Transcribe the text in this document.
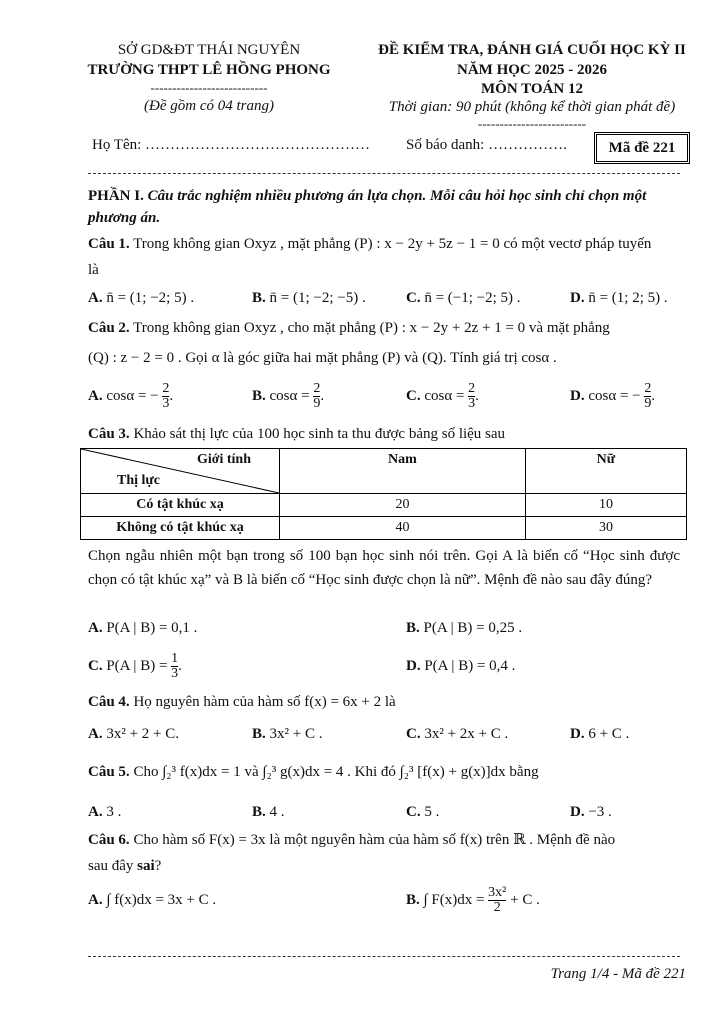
SỞ GD&ĐT THÁI NGUYÊN
TRƯỜNG THPT LÊ HỒNG PHONG
---------------------------
(Đề gồm có 04 trang)
ĐỀ KIỂM TRA, ĐÁNH GIÁ CUỐI HỌC KỲ II
NĂM HỌC 2025 - 2026
MÔN TOÁN 12
Thời gian: 90 phút (không kể thời gian phát đề)
-------------------------
Họ Tên: ……………………………………… Số báo danh: …………….	Mã đề 221
PHẦN I. Câu trắc nghiệm nhiều phương án lựa chọn. Mỗi câu hỏi học sinh chỉ chọn một
phương án.
Câu 1. Trong không gian Oxyz , mặt phẳng (P) : x − 2y + 5z − 1 = 0 có một vectơ pháp tuyến
là
A. n̄ = (1; −2; 5) .	B. n̄ = (1; −2; −5) .	C. n̄ = (−1; −2; 5) .	D. n̄ = (1; 2; 5) .
Câu 2. Trong không gian Oxyz , cho mặt phẳng (P) : x − 2y + 2z + 1 = 0 và mặt phẳng
(Q) : z − 2 = 0 . Gọi α là góc giữa hai mặt phẳng (P) và (Q). Tính giá trị cosα .
A. cosα = − $\frac{2}{3}$ .	B. $\cos\alpha = \frac{2}{9}$ .	C. $\cos\alpha = \frac{2}{3}$ .	D. cosα = − $\frac{2}{9}$ .
Câu 3. Khảo sát thị lực của 100 học sinh ta thu được bảng số liệu sau
Giới tính
Thị lực	Nam	Nữ
Có tật khúc xạ	20	10
Không có tật khúc xạ	40	30
Chọn ngẫu nhiên một bạn trong số 100 bạn học sinh nói trên. Gọi A là biến cố “Học sinh được chọn có tật khúc xạ” và B là biến cố “Học sinh được chọn là nữ”. Mệnh đề nào sau đây đúng?
A. P(A | B) = 0,1 .	B. P(A | B) = 0,25 .
C. P(A | $B) = \frac{1}{3}$ .	D. P(A | B) = 0,4 .
Câu 4. Họ nguyên hàm của hàm số f(x) = 6x + 2 là
A. 3x² + 2 + C.	B. 3x² + C .	C. 3x² + 2x + C .	D. 6 + C .
Câu 5. Cho ∫₂³ f(x)dx = 1 và ∫₂³ g(x)dx = 4 . Khi đó ∫₂³ [f(x) + g(x)]dx bằng
A. 3 .	B. 4 .	C. 5 .	D. −3 .
Câu 6. Cho hàm số F(x) = 3x là một nguyên hàm của hàm số f(x) trên ℝ . Mệnh đề nào
sau đây sai?
A. ∫ f(x)dx = 3x + C .	B. ∫ $F(x)dx = \frac{\text{3x²}}{2} + C$ .
Trang 1/4 - Mã đề 221
